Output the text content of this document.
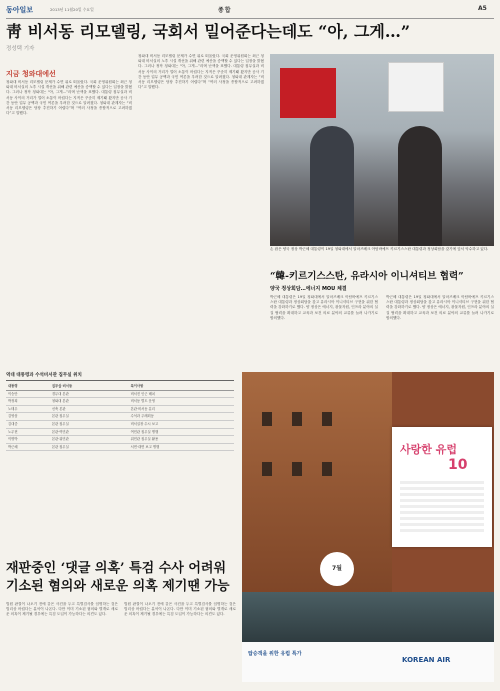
동아일보	2013년 11월20일 수요일	종합	A5
靑 비서동 리모델링, 국회서 밀어준다는데도 “아, 그게…”
정성택 기자
지금 청와대에선
청와대 비서동 리모델링 문제가 수면 위로 떠올랐다. 국회 운영위원회는 최근 청와대 비서실의 노후 시설 개선을 위해 관련 예산을 증액할 수 있다는 입장을 밝혔다. 그러나 정작 청와대는 “아, 그게…”라며 난색을 표했다. 대통령 집무실과 비서동 사이의 거리가 멀어 소통이 어렵다는 지적은 꾸준히 제기돼 왔지만 공사 기간 동안 업무 공백과 국민 여론을 우려한 것으로 알려졌다. 청와대 관계자는 “비서동 리모델링은 당장 추진하기 어렵다”며 “여러 사정을 종합적으로 고려하겠다”고 말했다.
청와대 비서동 리모델링 문제가 수면 위로 떠올랐다. 국회 운영위원회는 최근 청와대 비서실의 노후 시설 개선을 위해 관련 예산을 증액할 수 있다는 입장을 밝혔다. 그러나 정작 청와대는 “아, 그게…”라며 난색을 표했다. 대통령 집무실과 비서동 사이의 거리가 멀어 소통이 어렵다는 지적은 꾸준히 제기돼 왔지만 공사 기간 동안 업무 공백과 국민 여론을 우려한 것으로 알려졌다. 청와대 관계자는 “비서동 리모델링은 당장 추진하기 어렵다”며 “여러 사정을 종합적으로 고려하겠다”고 말했다.
손 잡은 양국 정상 박근혜 대통령이 19일 청와대에서 알마즈베크 아탐바예프 키르기스스탄 대통령과 정상회담을 갖기에 앞서 악수하고 있다.
“韓-키르기스스탄, 유라시아 이니셔티브 협력”
양국 정상회담…에너지 MOU 체결
박근혜 대통령은 19일 청와대에서 알마즈베크 아탐바예프 키르기스스탄 대통령과 정상회담을 갖고 유라시아 이니셔티브 구현을 위한 협력을 강화하기로 했다. 양 정상은 에너지, 광물자원, 인프라 분야의 실질 협력을 확대하고 교육과 보건 의료 분야의 교류를 늘려 나가기로 합의했다.
박근혜 대통령은 19일 청와대에서 알마즈베크 아탐바예프 키르기스스탄 대통령과 정상회담을 갖고 유라시아 이니셔티브 구현을 위한 협력을 강화하기로 했다. 양 정상은 에너지, 광물자원, 인프라 분야의 실질 협력을 확대하고 교육과 보건 의료 분야의 교류를 늘려 나가기로 합의했다.
역대 대통령과 수석비서관 집무실 위치
대통령	집무실·비서동	특이사항
이승만	경무대 본관	비서진 인근 배치
박정희	청와대 본관	비서동 별도 운영
노태우	신축 본관	본관·비서동 분리
김영삼	본관 집무실	수석과 주례회동
김대중	본관 집무실	비서실장 수시 보고
노무현	본관·여민관	여민관 집무실 병행
이명박	본관·위민관	위민관 집무실 활용
박근혜	본관 집무실	서면·대면 보고 병행
재판중인 ‘댓글 의혹’ 특검 수사 어려워 기소된 혐의와 새로운 의혹 제기땐 가능
법원 판결이 나오기 전에 같은 사건을 두고 특별검사를 임명하는 것은 법리상 어렵다는 분석이 나온다. 다만 이미 기소된 혐의와 별개로 새로운 의혹이 제기될 경우에는 특검 도입이 가능하다는 의견도 있다.
법원 판결이 나오기 전에 같은 사건을 두고 특별검사를 임명하는 것은 법리상 어렵다는 분석이 나온다. 다만 이미 기소된 혐의와 별개로 새로운 의혹이 제기될 경우에는 특검 도입이 가능하다는 의견도 있다.
7월
사랑한 유럽
10
탑승객을 위한 유럽 특가
KOREAN AIR
